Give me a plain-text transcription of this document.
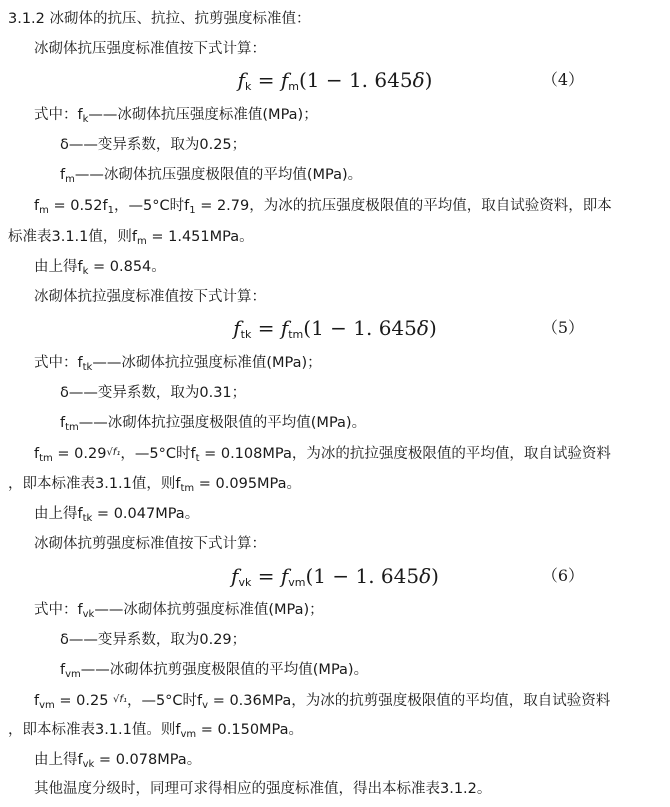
3.1.2 冰砌体的抗压、抗拉、抗剪强度标准值：
冰砌体抗压强度标准值按下式计算：
$f_k = f_m(1 - 1$. 645δ)	（4）
式中：$f_k——$冰砌体抗压强度标准值(MPa)；
δ——变异系数，取为0.25；
$f_m——$冰砌体抗压强度极限值的平均值(MPa)。
$f_m = 0.52f_1$，—5°C时$f_1 = 2.79$，为冰的抗压强度极限值的平均值，取自试验资料，即本
标准表3.1.1值，则$f_m = 1.451MPa$。
由上得$f_k = 0.854$。
冰砌体抗拉强度标准值按下式计算：
$f_{tk} = f_{tm}(1 - 1$. 645δ)	（5）
式中：$f_{tk}——$冰砌体抗拉强度标准值(MPa)；
δ——变异系数，取为0.31；
$f_{tm}——$冰砌体抗拉强度极限值的平均值(MPa)。
$f_{tm} = 0.29^{√f_1}$，—5°C时$f_t = 0.108MPa$，为冰的抗拉强度极限值的平均值，取自试验资料
，即本标准表3.1.1值，则$f_{tm} = 0.095MPa$。
由上得$f_{tk} = 0.047MPa$。
冰砌体抗剪强度标准值按下式计算：
$f_{vk} = f_{vm}(1 - 1$. 645δ)	（6）
式中：$f_{vk}——$冰砌体抗剪强度标准值(MPa)；
δ——变异系数，取为0.29；
$f_{vm}——$冰砌体抗剪强度极限值的平均值(MPa)。
$f_{vm} = 0.25$ $^{√f_1}$，—5°C时$f_v = 0.36MPa$，为冰的抗剪强度极限值的平均值，取自试验资料
，即本标准表3.1.1值。则$f_{vm} = 0.150MPa$。
由上得$f_{vk} = 0.078MPa$。
其他温度分级时，同理可求得相应的强度标准值，得出本标准表3.1.2。
